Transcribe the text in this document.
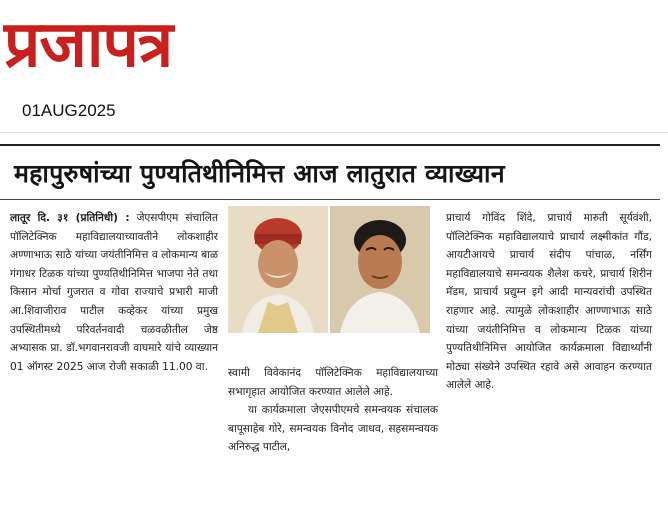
प्रजापत्र
01AUG2025
महापुरुषांच्या पुण्यतिथीनिमित्त आज लातुरात व्याख्यान

लातूर दि. ३१ (प्रतिनिधी) : जेएसपीएम संचालित पॉलिटेक्निक महाविद्यालयाच्यावतीने लोकशाहीर अण्णाभाऊ साठे यांच्या जयंतीनिमित्त व लोकमान्य बाळ गंगाधर टिळक यांच्या पुण्यतिथीनिमित्त भाजपा नेते तथा किसान मोर्चा गुजरात व गोवा राज्याचे प्रभारी माजी आ.शिवाजीराव पाटील कव्हेकर यांच्या प्रमुख उपस्थितीमध्ये परिवर्तनवादी चळवळीतील जेष्ठ अभ्यासक प्रा. डॉ.भगवानरावजी वाघमारे यांचे व्याख्यान 01 ऑगस्ट 2025 आज रोजी सकाळी 11.00 वा.

स्वामी विवेकानंद पॉलिटेक्निक महाविद्यालयाच्या सभागृहात आयोजित करण्यात आलेले आहे.

या कार्यक्रमाला जेएसपीएमचे समन्वयक संचालक बापूसाहेब गोरे, समन्वयक विनोद जाधव, सहसमन्वयक अनिरुद्ध पाटील,

प्राचार्य गोविंद शिंदे, प्राचार्य मारुती सूर्यवंशी, पॉलिटेक्निक महाविद्यालयाचे प्राचार्य लक्ष्मीकांत गौंड, आयटीआयचे प्राचार्य संदीप पांचाळ, नर्सिंग महाविद्यालयाचे समन्वयक शैलेश कचरे, प्राचार्य शिरीन मॅडम, प्राचार्य प्रद्युम्न इगे आदी मान्यवरांची उपस्थित राहणार आहे. त्यामुळे लोकशाहीर आण्णाभाऊ साठे यांच्या जयंतीनिमित्त व लोकमान्य टिळक यांच्या पुण्यतिथीनिमित्त आयोजित कार्यक्रमाला विद्यार्थ्यांनी मोठ्या संख्येने उपस्थित रहावे असे आवाहन करण्यात आलेले आहे.
